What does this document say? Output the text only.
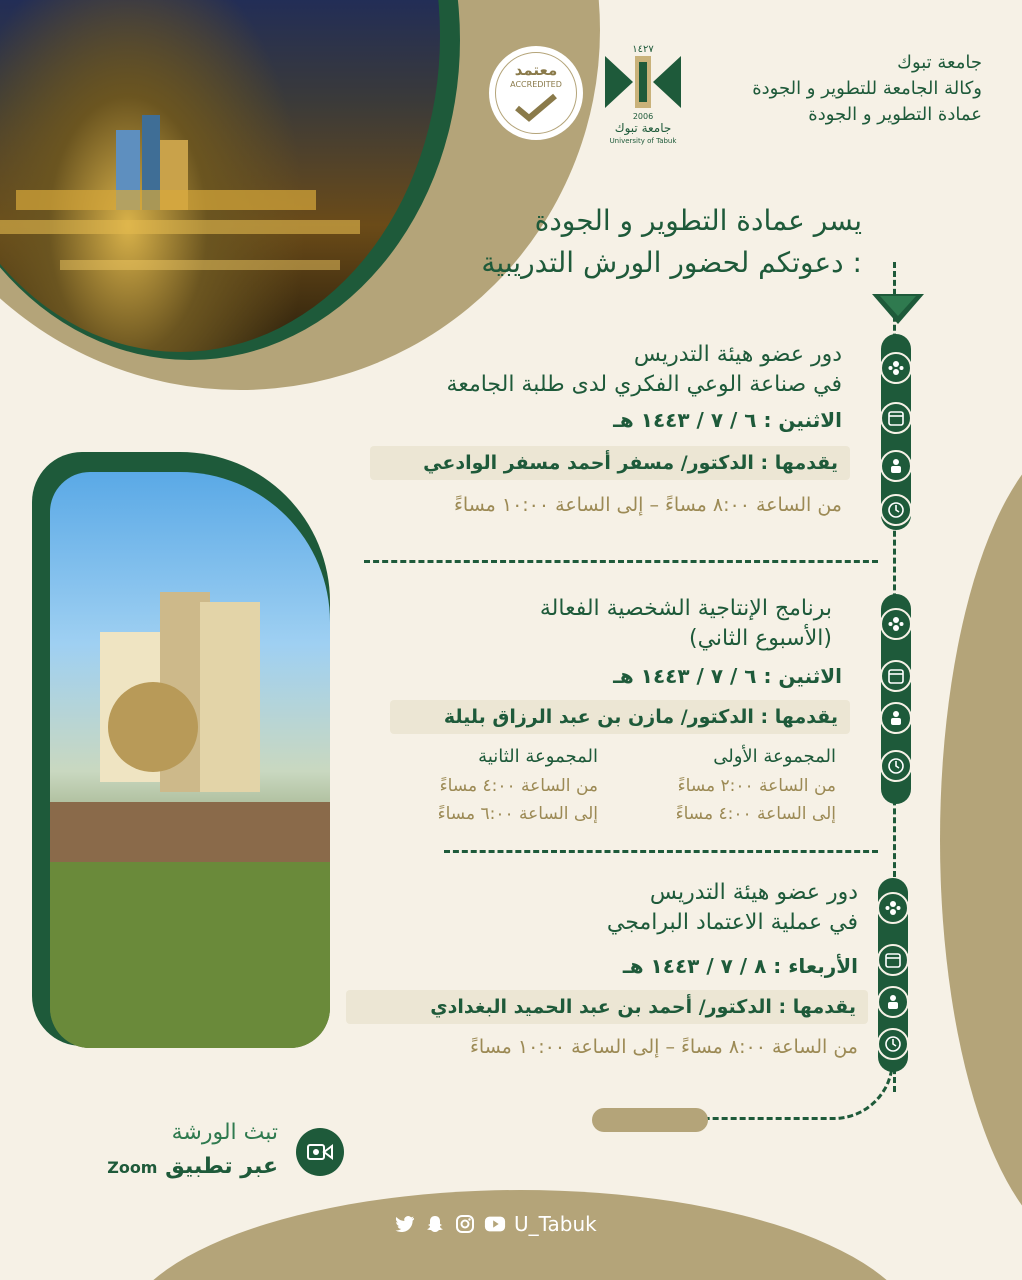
جامعة تبوك
وكالة الجامعة للتطوير و الجودة
عمادة التطوير و الجودة
١٤٢٧
2006
جامعة تبوك
University of Tabuk
معتمد
ACCREDITED
يسر عمادة التطوير و الجودة
دعوتكم لحضور الورش التدريبية :
دور عضو هيئة التدريس
في صناعة الوعي الفكري لدى طلبة الجامعة
الاثنين : ٦ / ٧ / ١٤٤٣ هـ
يقدمها : الدكتور/ مسفر أحمد مسفر الوادعي
من الساعة ٨:٠٠ مساءً – إلى الساعة ١٠:٠٠ مساءً
برنامج الإنتاجية الشخصية الفعالة
(الأسبوع الثاني)
الاثنين : ٦ / ٧ / ١٤٤٣ هـ
يقدمها : الدكتور/ مازن بن عبد الرزاق بليلة
المجموعة الأولى
من الساعة ٢:٠٠ مساءً
إلى الساعة ٤:٠٠ مساءً
المجموعة الثانية
من الساعة ٤:٠٠ مساءً
إلى الساعة ٦:٠٠ مساءً
دور عضو هيئة التدريس
في عملية الاعتماد البرامجي
الأربعاء : ٨ / ٧ / ١٤٤٣ هـ
يقدمها : الدكتور/ أحمد بن عبد الحميد البغدادي
من الساعة ٨:٠٠ مساءً – إلى الساعة ١٠:٠٠ مساءً
تبث الورشة
Zoom عبر تطبيق
U_Tabuk
